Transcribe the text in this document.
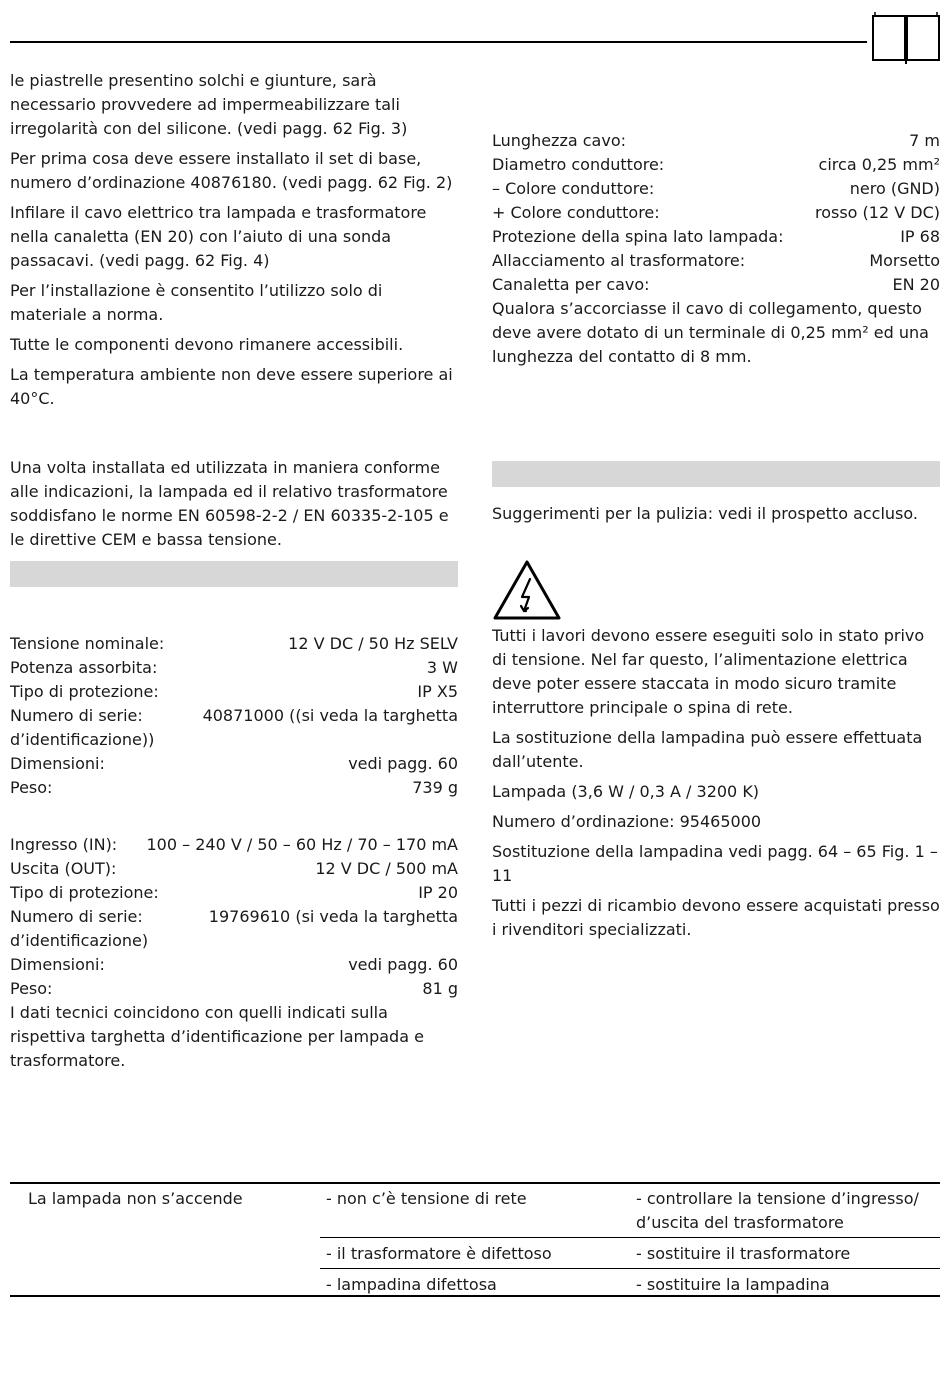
le piastrelle presentino solchi e giunture, sarà necessario provvedere ad impermeabilizzare tali irregolarità con del silicone. (vedi pagg. 62 Fig. 3)

Per prima cosa deve essere installato il set di base, numero d’ordinazione 40876180. (vedi pagg. 62 Fig. 2)

Infilare il cavo elettrico tra lampada e trasformatore nella canaletta (EN 20) con l’aiuto di una sonda passacavi. (vedi pagg. 62 Fig. 4)

Per l’installazione è consentito l’utilizzo solo di materiale a norma.

Tutte le componenti devono rimanere accessibili.

La temperatura ambiente non deve essere superiore ai 40°C.

Una volta installata ed utilizzata in maniera conforme alle indicazioni, la lampada ed il relativo trasformatore soddisfano le norme EN 60598-2-2 / EN 60335-2-105 e le direttive CEM e bassa tensione.

Tensione nominale:	12 V DC / 50 Hz SELV
Potenza assorbita:	3 W
Tipo di protezione:	IP X5
Numero di serie:	40871000 ((si veda la targhetta
d’identificazione))
Dimensioni:	vedi pagg. 60
Peso:	739 g
Ingresso (IN): 100 – 240 V / 50 – 60 Hz / 70 – 170 mA
Uscita (OUT):	12 V DC / 500 mA
Tipo di protezione:	IP 20
Numero di serie:	19769610 (si veda la targhetta
d’identificazione)
Dimensioni:	vedi pagg. 60
Peso:	81 g

I dati tecnici coincidono con quelli indicati sulla rispettiva targhetta d’identificazione per lampada e trasformatore.

Lunghezza cavo:	7 m
Diametro conduttore:	circa 0,25 mm²
– Colore conduttore:	nero (GND)
+ Colore conduttore:	rosso (12 V DC)
Protezione della spina lato lampada:	IP 68
Allacciamento al trasformatore:	Morsetto
Canaletta per cavo:	EN 20

Qualora s’accorciasse il cavo di collegamento, questo deve avere dotato di un terminale di 0,25 mm² ed una lunghezza del contatto di 8 mm.

Suggerimenti per la pulizia: vedi il prospetto accluso.

Tutti i lavori devono essere eseguiti solo in stato privo di tensione. Nel far questo, l’alimentazione elettrica deve poter essere staccata in modo sicuro tramite interruttore principale o spina di rete.

La sostituzione della lampadina può essere effettuata dall’utente.

Lampada (3,6 W / 0,3 A / 3200 K)

Numero d’ordinazione: 95465000

Sostituzione della lampadina vedi pagg. 64 – 65 Fig. 1 – 11

Tutti i pezzi di ricambio devono essere acquistati presso i rivenditori specializzati.

La lampada non s’accende	- non c’è tensione di rete	- controllare la tensione d’ingresso/ d’uscita del trasformatore
	- il trasformatore è difettoso	- sostituire il trasformatore
	- lampadina difettosa	- sostituire la lampadina
